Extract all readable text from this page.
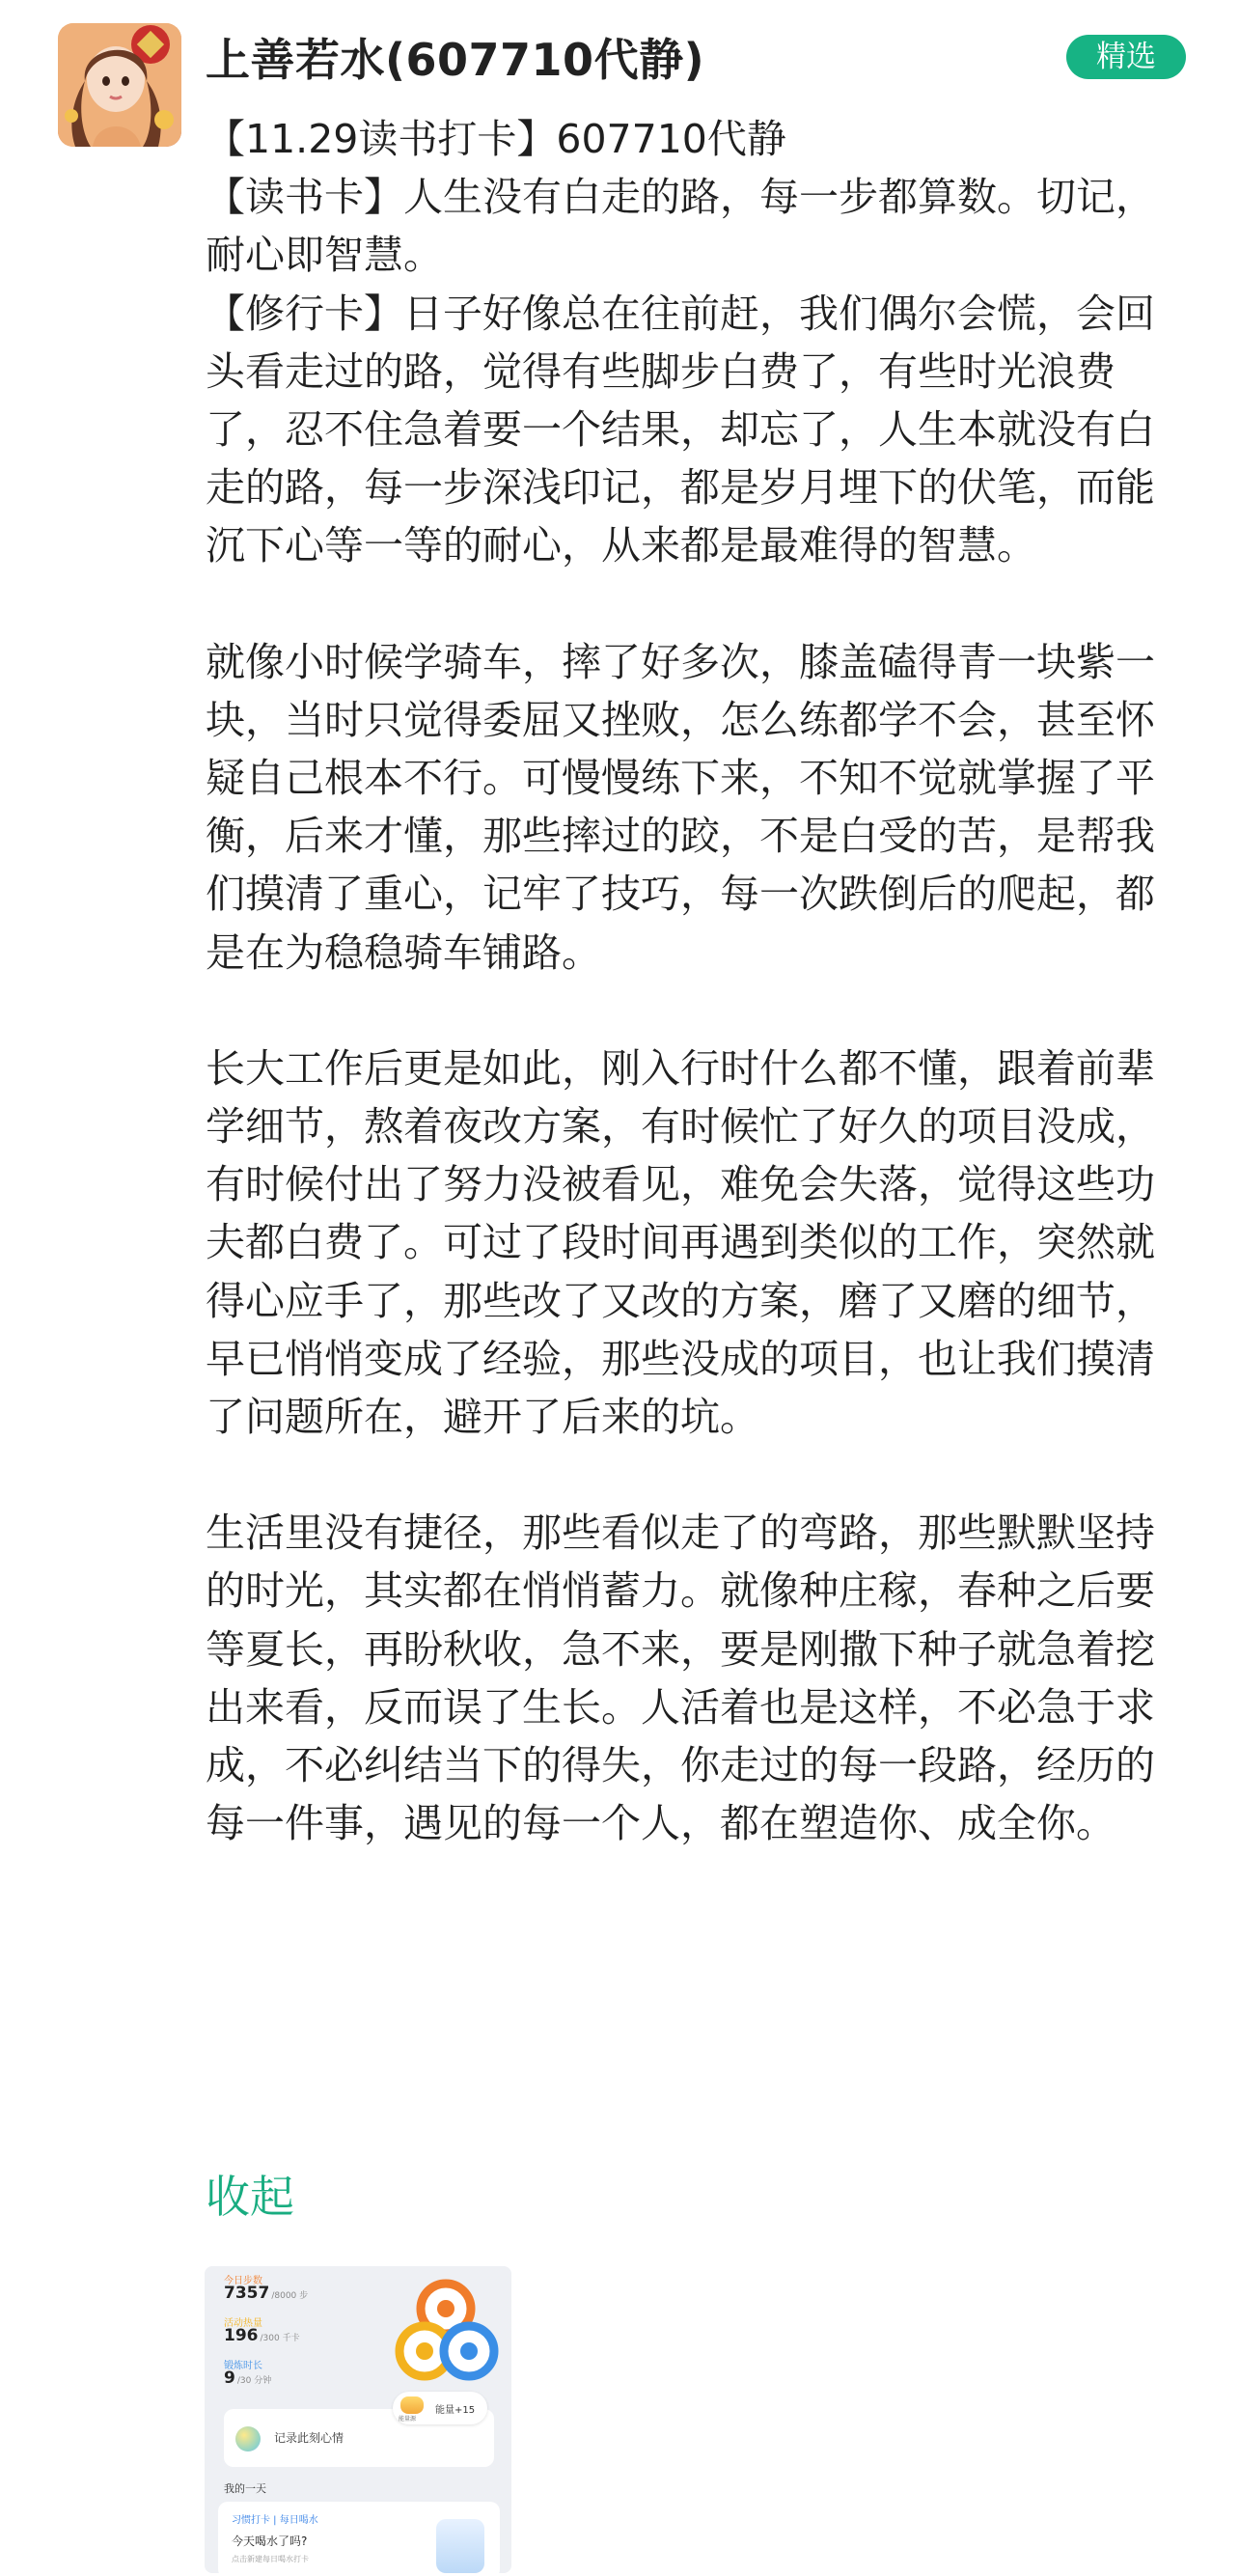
上善若水(607710代静)	精选

【11.29读书打卡】607710代静

【读书卡】人生没有白走的路，每一步都算数。切记，耐心即智慧。

【修行卡】日子好像总在往前赶，我们偶尔会慌，会回头看走过的路，觉得有些脚步白费了，有些时光浪费了，忍不住急着要一个结果，却忘了，人生本就没有白走的路，每一步深浅印记，都是岁月埋下的伏笔，而能沉下心等一等的耐心，从来都是最难得的智慧。

就像小时候学骑车，摔了好多次，膝盖磕得青一块紫一块，当时只觉得委屈又挫败，怎么练都学不会，甚至怀疑自己根本不行。可慢慢练下来，不知不觉就掌握了平衡，后来才懂，那些摔过的跤，不是白受的苦，是帮我们摸清了重心，记牢了技巧，每一次跌倒后的爬起，都是在为稳稳骑车铺路。

长大工作后更是如此，刚入行时什么都不懂，跟着前辈学细节，熬着夜改方案，有时候忙了好久的项目没成，有时候付出了努力没被看见，难免会失落，觉得这些功夫都白费了。可过了段时间再遇到类似的工作，突然就得心应手了，那些改了又改的方案，磨了又磨的细节，早已悄悄变成了经验，那些没成的项目，也让我们摸清了问题所在，避开了后来的坑。

生活里没有捷径，那些看似走了的弯路，那些默默坚持的时光，其实都在悄悄蓄力。就像种庄稼，春种之后要等夏长，再盼秋收，急不来，要是刚撒下种子就急着挖出来看，反而误了生长。人活着也是这样，不必急于求成，不必纠结当下的得失，你走过的每一段路，经历的每一件事，遇见的每一个人，都在塑造你、成全你。

收起
今日步数
7357 /8000 步
活动热量
196 /300 千卡
锻炼时长
9 /30 分钟
记录此刻心情
能量源
能量+15
我的一天
习惯打卡 | 每日喝水
今天喝水了吗?
点击新建每日喝水打卡
